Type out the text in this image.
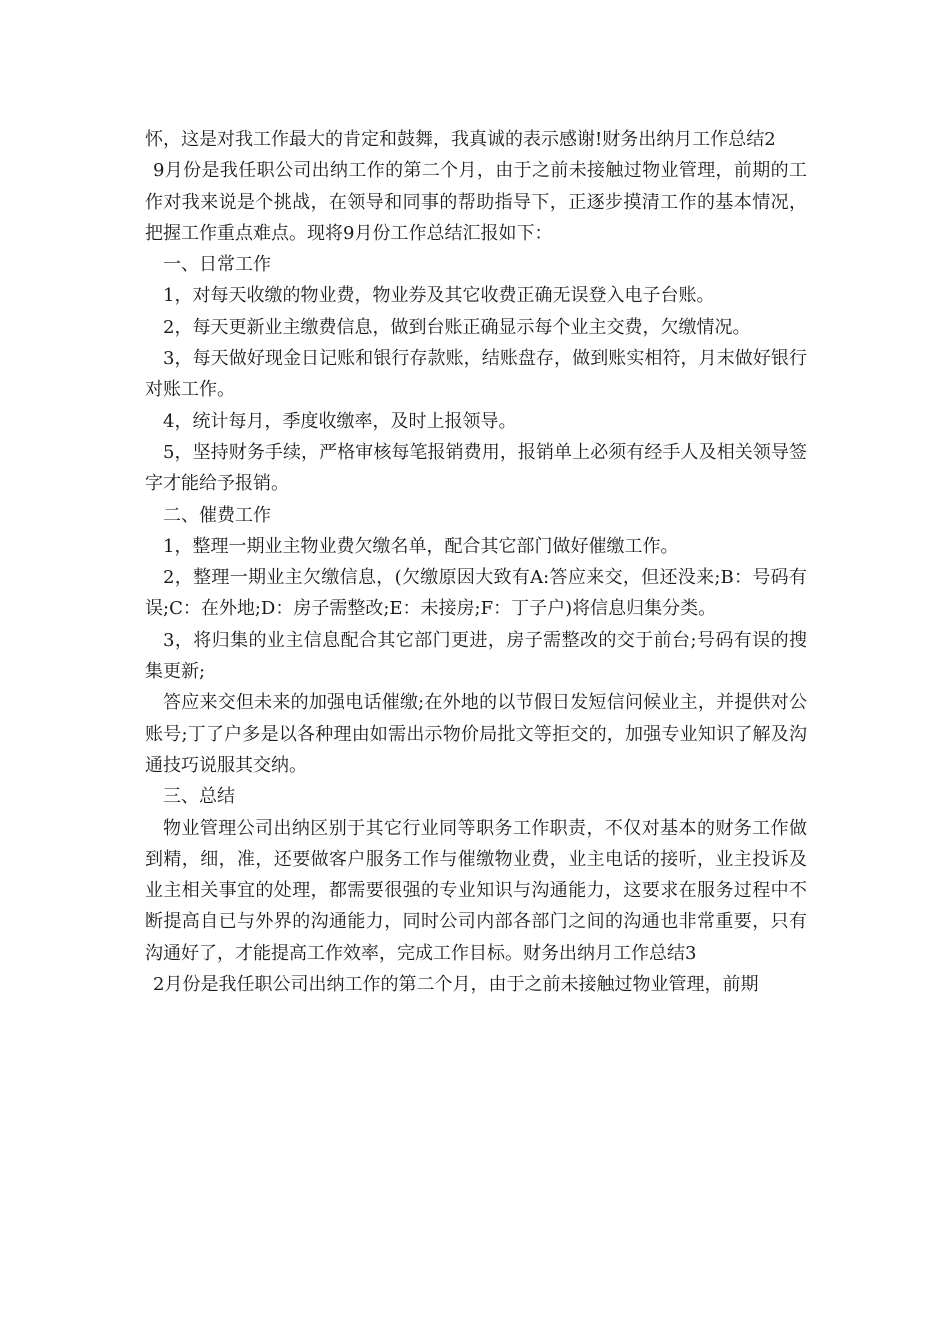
怀，这是对我工作最大的肯定和鼓舞，我真诚的表示感谢!财务出纳月工作总结2

9月份是我任职公司出纳工作的第二个月，由于之前未接触过物业管理，前期的工作对我来说是个挑战，在领导和同事的帮助指导下，正逐步摸清工作的基本情况，把握工作重点难点。现将9月份工作总结汇报如下：

一、日常工作

1，对每天收缴的物业费，物业券及其它收费正确无误登入电子台账。

2，每天更新业主缴费信息，做到台账正确显示每个业主交费，欠缴情况。

3，每天做好现金日记账和银行存款账，结账盘存，做到账实相符，月末做好银行对账工作。

4，统计每月，季度收缴率，及时上报领导。

5，坚持财务手续，严格审核每笔报销费用，报销单上必须有经手人及相关领导签字才能给予报销。

二、催费工作

1，整理一期业主物业费欠缴名单，配合其它部门做好催缴工作。

2，整理一期业主欠缴信息，(欠缴原因大致有A:答应来交，但还没来;B：号码有误;C：在外地;D：房子需整改;E：未接房;F：丁子户)将信息归集分类。

3，将归集的业主信息配合其它部门更进，房子需整改的交于前台;号码有误的搜集更新;

答应来交但未来的加强电话催缴;在外地的以节假日发短信问候业主，并提供对公账号;丁了户多是以各种理由如需出示物价局批文等拒交的，加强专业知识了解及沟通技巧说服其交纳。

三、总结

物业管理公司出纳区别于其它行业同等职务工作职责，不仅对基本的财务工作做到精，细，准，还要做客户服务工作与催缴物业费，业主电话的接听，业主投诉及业主相关事宜的处理，都需要很强的专业知识与沟通能力，这要求在服务过程中不断提高自已与外界的沟通能力，同时公司内部各部门之间的沟通也非常重要，只有沟通好了，才能提高工作效率，完成工作目标。财务出纳月工作总结3

2月份是我任职公司出纳工作的第二个月，由于之前未接触过物业管理，前期
